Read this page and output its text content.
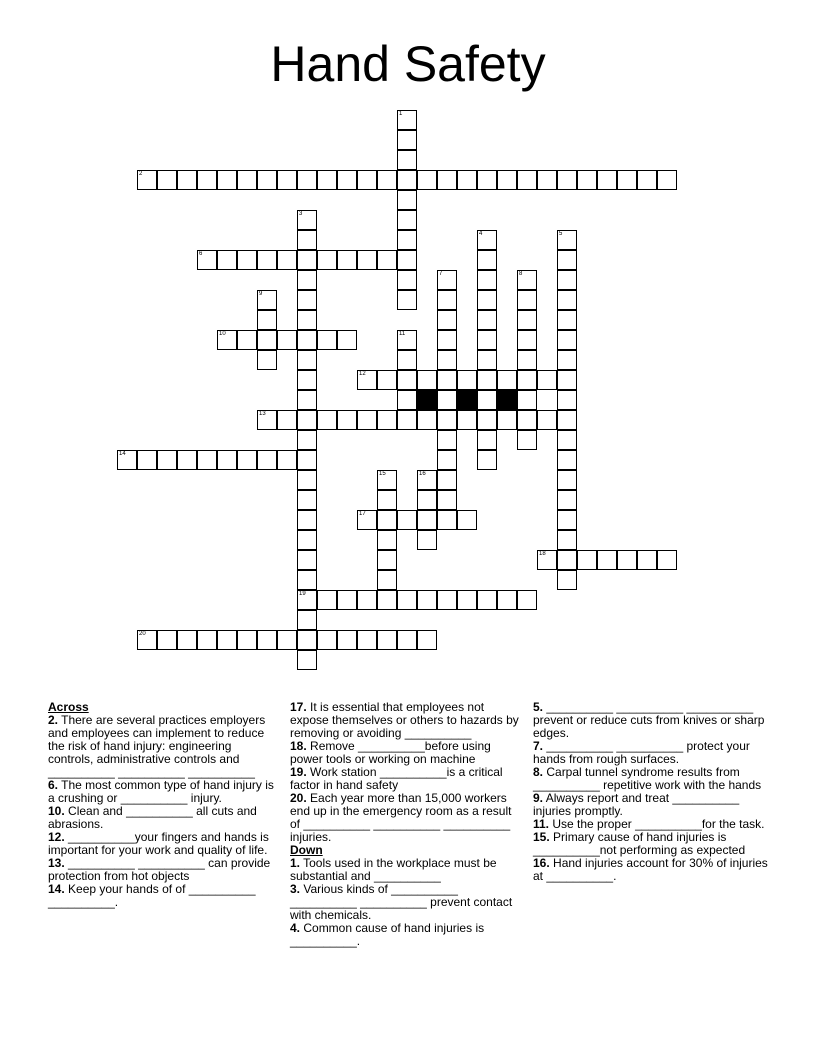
Hand Safety
1
2
3
19
4	5
6
7	8
9
10	11
12
13
14
15	16
17
18
20

Across

2. There are several practices employers and employees can implement to reduce the risk of hand injury: engineering controls, administrative controls and __________ __________ __________

6. The most common type of hand injury is a crushing or __________ injury.

10. Clean and __________ all cuts and abrasions.

12. __________your fingers and hands is important for your work and quality of life.

13. __________ __________ can provide protection from hot objects

14. Keep your hands of of __________ __________.

17. It is essential that employees not expose themselves or others to hazards by removing or avoiding __________

18. Remove __________before using power tools or working on machine

19. Work station __________is a critical factor in hand safety

20. Each year more than 15,000 workers end up in the emergency room as a result of __________ __________ __________ injuries.

Down

1. Tools used in the workplace must be substantial and __________

3. Various kinds of __________ __________ __________ prevent contact with chemicals.

4. Common cause of hand injuries is __________.

5. __________ __________ __________ prevent or reduce cuts from knives or sharp edges.

7. __________ __________ protect your hands from rough surfaces.

8. Carpal tunnel syndrome results from __________ repetitive work with the hands

9. Always report and treat __________ injuries promptly.

11. Use the proper __________for the task.

15. Primary cause of hand injuries is __________not performing as expected

16. Hand injuries account for 30% of injuries at __________.
